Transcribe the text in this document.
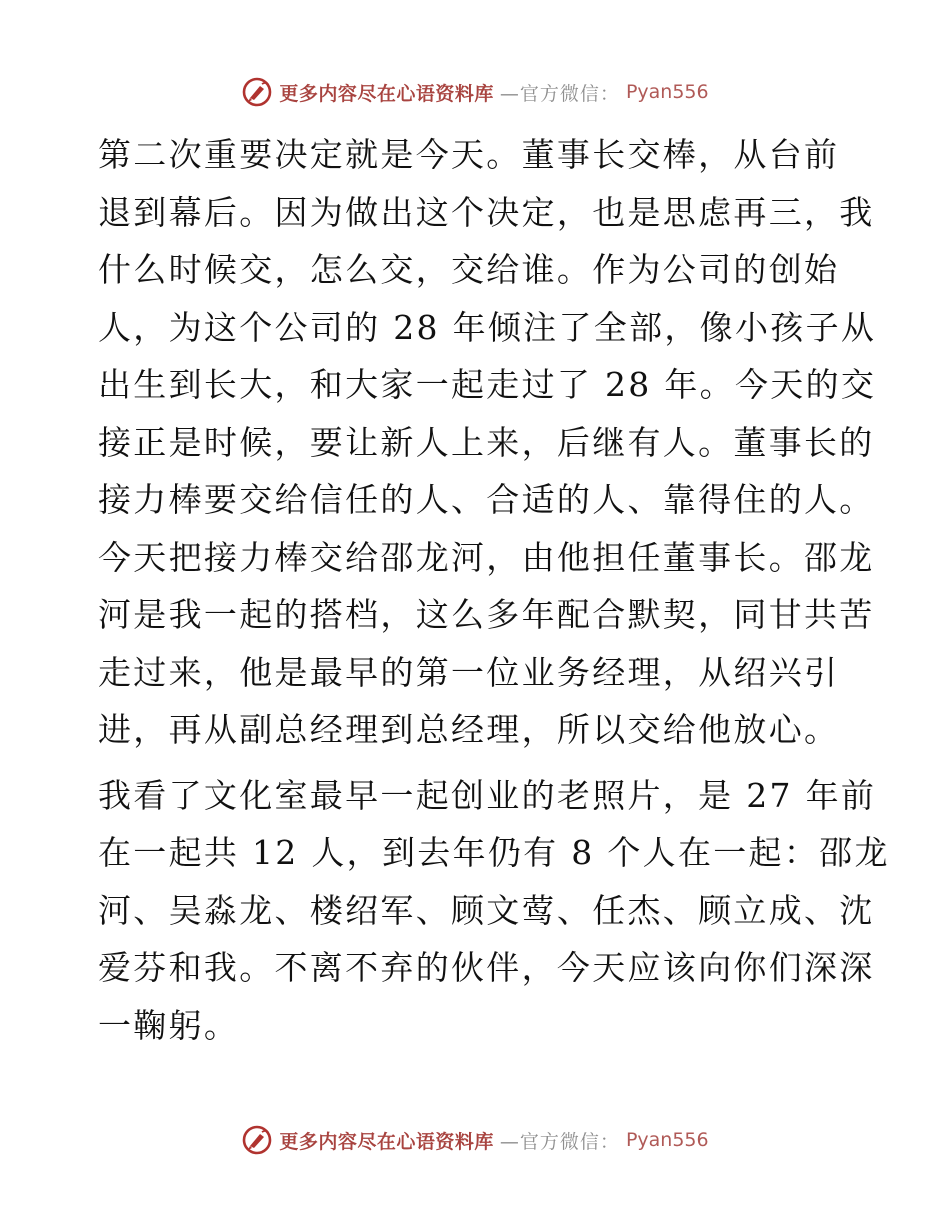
更多内容尽在心语资料库 —官方微信： Pyan556

第二次重要决定就是今天。董事长交棒，从台前
退到幕后。因为做出这个决定，也是思虑再三，我
什么时候交，怎么交，交给谁。作为公司的创始
人，为这个公司的 28 年倾注了全部，像小孩子从
出生到长大，和大家一起走过了 28 年。今天的交
接正是时候，要让新人上来，后继有人。董事长的
接力棒要交给信任的人、合适的人、靠得住的人。
今天把接力棒交给邵龙河，由他担任董事长。邵龙
河是我一起的搭档，这么多年配合默契，同甘共苦
走过来，他是最早的第一位业务经理，从绍兴引
进，再从副总经理到总经理，所以交给他放心。

我看了文化室最早一起创业的老照片，是 27 年前
在一起共 12 人，到去年仍有 8 个人在一起：邵龙
河、吴淼龙、楼绍军、顾文莺、任杰、顾立成、沈
爱芬和我。不离不弃的伙伴，今天应该向你们深深
一鞠躬。

更多内容尽在心语资料库 —官方微信： Pyan556
